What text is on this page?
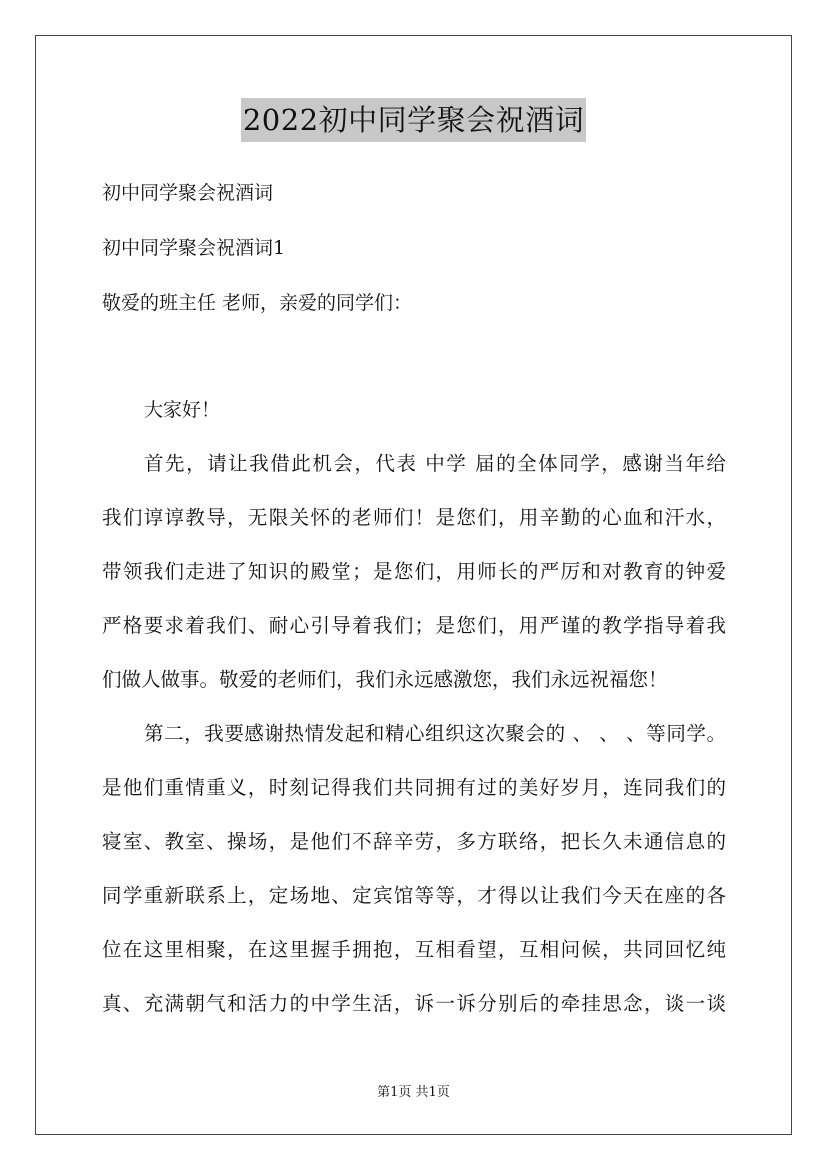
2022初中同学聚会祝酒词
初中同学聚会祝酒词
初中同学聚会祝酒词1
敬爱的班主任 老师，亲爱的同学们：
大家好！
首先，请让我借此机会，代表 中学 届的全体同学，感谢当年给
我们谆谆教导，无限关怀的老师们！是您们，用辛勤的心血和汗水，
带领我们走进了知识的殿堂；是您们，用师长的严厉和对教育的钟爱
严格要求着我们、耐心引导着我们；是您们，用严谨的教学指导着我
们做人做事。敬爱的老师们，我们永远感激您，我们永远祝福您！
第二，我要感谢热情发起和精心组织这次聚会的 、 、 、等同学。
是他们重情重义，时刻记得我们共同拥有过的美好岁月，连同我们的
寝室、教室、操场，是他们不辞辛劳，多方联络，把长久未通信息的
同学重新联系上，定场地、定宾馆等等，才得以让我们今天在座的各
位在这里相聚，在这里握手拥抱，互相看望，互相问候，共同回忆纯
真、充满朝气和活力的中学生活，诉一诉分别后的牵挂思念，谈一谈
第1页 共1页
